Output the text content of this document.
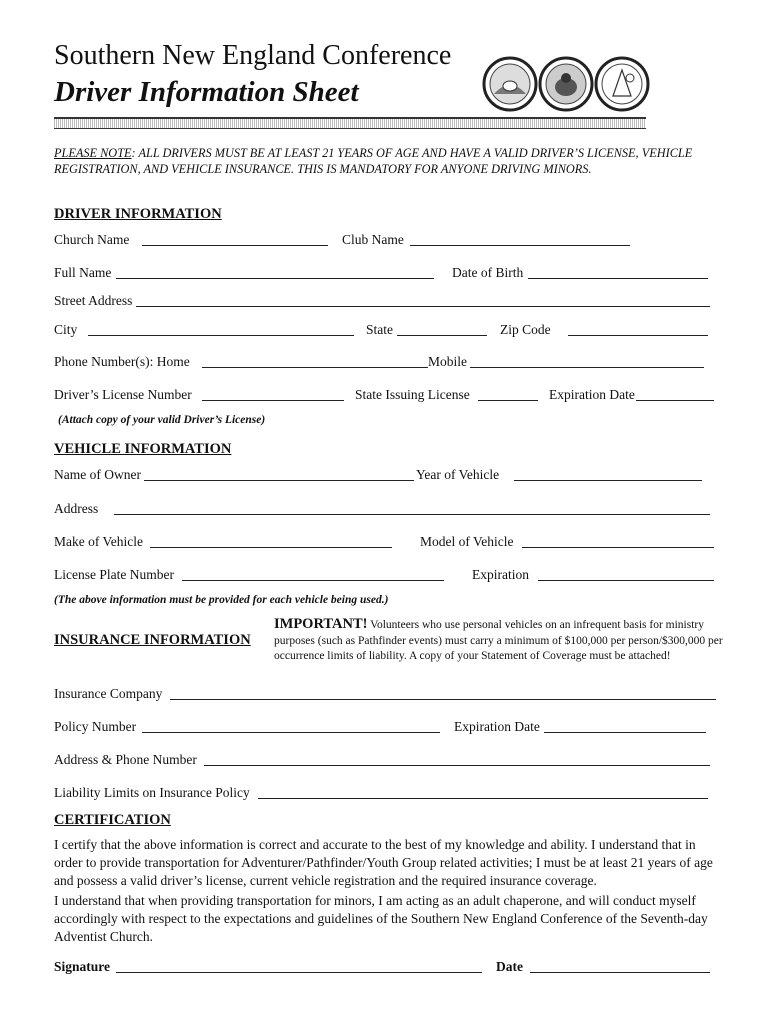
Southern New England Conference
Driver Information Sheet
PLEASE NOTE: ALL DRIVERS MUST BE AT LEAST 21 YEARS OF AGE AND HAVE A VALID DRIVER’S LICENSE, VEHICLE REGISTRATION, AND VEHICLE INSURANCE. THIS IS MANDATORY FOR ANYONE DRIVING MINORS.
DRIVER INFORMATION
Church Name	Club Name
Full Name	Date of Birth
Street Address
City	State	Zip Code
Phone Number(s): Home	Mobile
Driver’s License Number	State Issuing License	Expiration Date
(Attach copy of your valid Driver’s License)
VEHICLE INFORMATION
Name of Owner	Year of Vehicle
Address
Make of Vehicle	Model of Vehicle
License Plate Number	Expiration
(The above information must be provided for each vehicle being used.)
INSURANCE INFORMATION
IMPORTANT! Volunteers who use personal vehicles on an infrequent basis for ministry purposes (such as Pathfinder events) must carry a minimum of $100,000 per person/$300,000 per occurrence limits of liability. A copy of your Statement of Coverage must be attached!
Insurance Company
Policy Number	Expiration Date
Address & Phone Number
Liability Limits on Insurance Policy
CERTIFICATION
I certify that the above information is correct and accurate to the best of my knowledge and ability. I understand that in order to provide transportation for Adventurer/Pathfinder/Youth Group related activities; I must be at least 21 years of age and possess a valid driver’s license, current vehicle registration and the required insurance coverage.
I understand that when providing transportation for minors, I am acting as an adult chaperone, and will conduct myself accordingly with respect to the expectations and guidelines of the Southern New England Conference of the Seventh-day Adventist Church.
Signature	Date
